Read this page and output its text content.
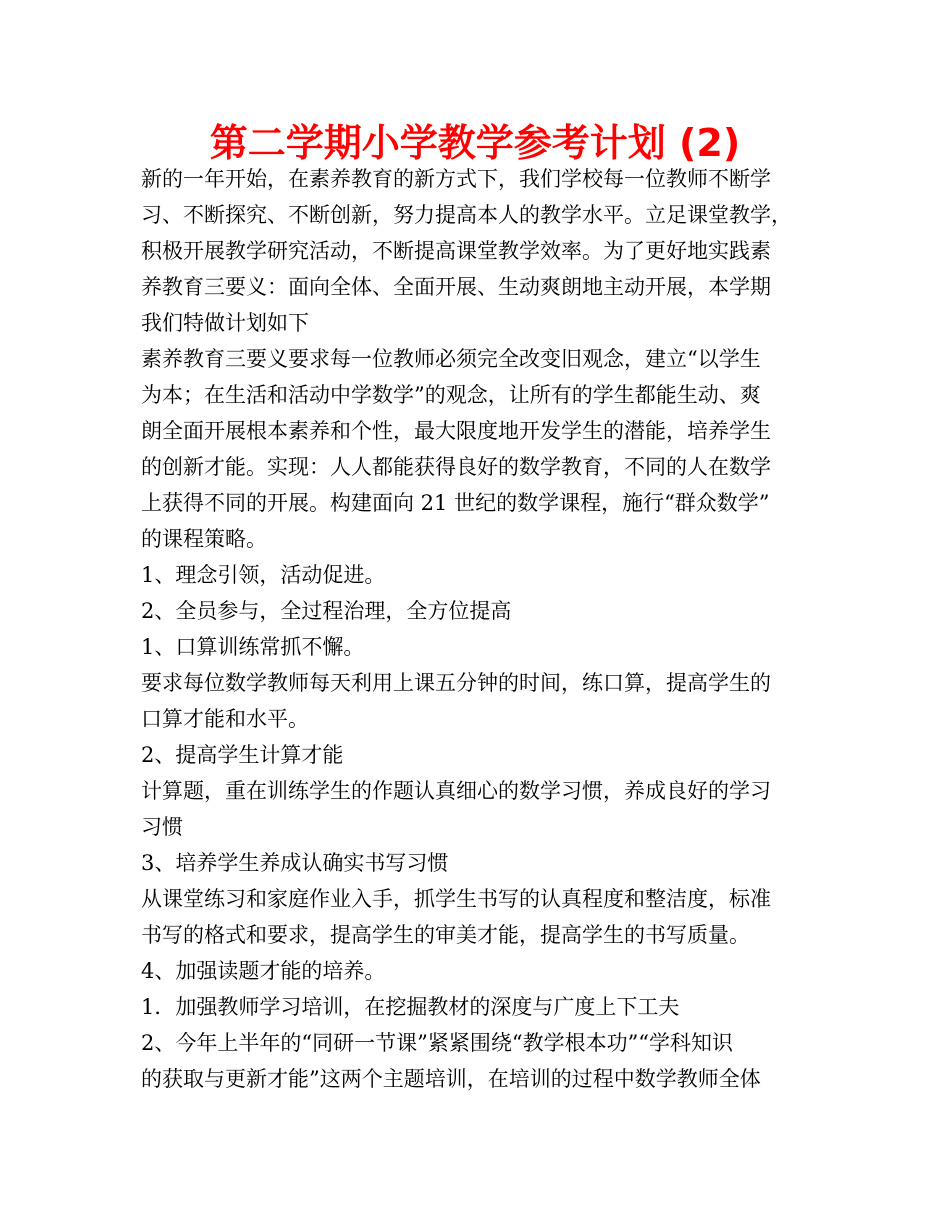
第二学期小学教学参考计划 (2)
新的一年开始，在素养教育的新方式下，我们学校每一位教师不断学
习、不断探究、不断创新，努力提高本人的教学水平。立足课堂教学，
积极开展教学研究活动，不断提高课堂教学效率。为了更好地实践素
养教育三要义：面向全体、全面开展、生动爽朗地主动开展，本学期
我们特做计划如下
素养教育三要义要求每一位教师必须完全改变旧观念，建立“以学生
为本；在生活和活动中学数学”的观念，让所有的学生都能生动、爽
朗全面开展根本素养和个性，最大限度地开发学生的潜能，培养学生
的创新才能。实现：人人都能获得良好的数学教育，不同的人在数学
上获得不同的开展。构建面向 21 世纪的数学课程，施行“群众数学”
的课程策略。
1、理念引领，活动促进。
2、全员参与，全过程治理，全方位提高
1、口算训练常抓不懈。
要求每位数学教师每天利用上课五分钟的时间，练口算，提高学生的
口算才能和水平。
2、提高学生计算才能
计算题，重在训练学生的作题认真细心的数学习惯，养成良好的学习
习惯
3、培养学生养成认确实书写习惯
从课堂练习和家庭作业入手，抓学生书写的认真程度和整洁度，标准
书写的格式和要求，提高学生的审美才能，提高学生的书写质量。
4、加强读题才能的培养。
1．加强教师学习培训，在挖掘教材的深度与广度上下工夫
2、今年上半年的“同研一节课”紧紧围绕“教学根本功”“学科知识
的获取与更新才能”这两个主题培训，在培训的过程中数学教师全体
